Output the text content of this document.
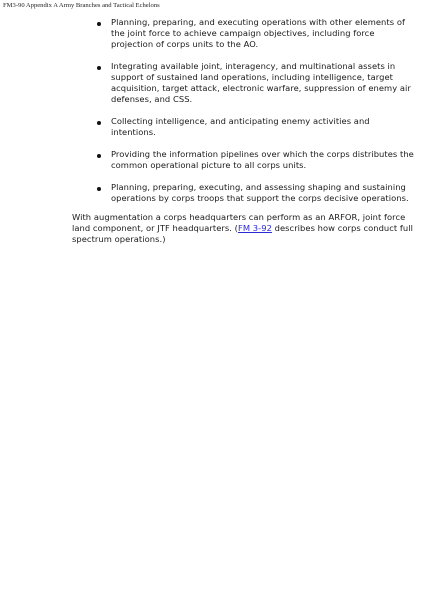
FM3-90 Appendix A Army Branches and Tactical Echelons
Planning, preparing, and executing operations with other elements of the joint force to achieve campaign objectives, including force projection of corps units to the AO.
Integrating available joint, interagency, and multinational assets in support of sustained land operations, including intelligence, target acquisition, target attack, electronic warfare, suppression of enemy air defenses, and CSS.
Collecting intelligence, and anticipating enemy activities and intentions.
Providing the information pipelines over which the corps distributes the common operational picture to all corps units.
Planning, preparing, executing, and assessing shaping and sustaining operations by corps troops that support the corps decisive operations.

With augmentation a corps headquarters can perform as an ARFOR, joint force land component, or JTF headquarters. (FM 3-92 describes how corps conduct full spectrum operations.)
